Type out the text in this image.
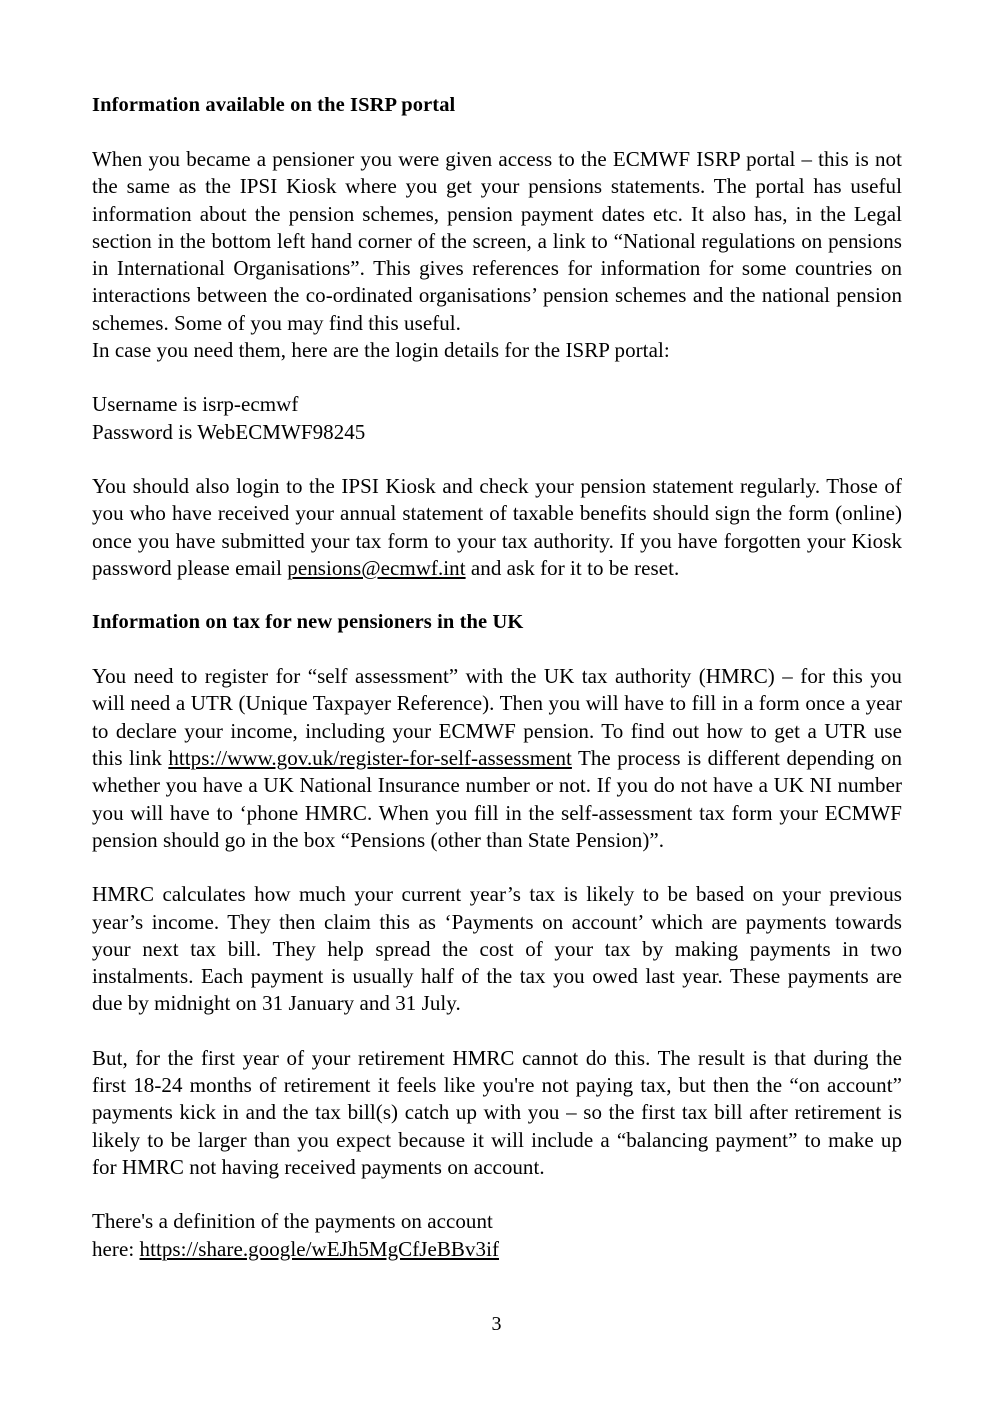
Information available on the ISRP portal

When you became a pensioner you were given access to the ECMWF ISRP portal – this is not the same as the IPSI Kiosk where you get your pensions statements. The portal has useful information about the pension schemes, pension payment dates etc. It also has, in the Legal section in the bottom left hand corner of the screen, a link to “National regulations on pensions in International Organisations”. This gives references for information for some countries on interactions between the co-ordinated organisations’ pension schemes and the national pension schemes. Some of you may find this useful.

In case you need them, here are the login details for the ISRP portal:

Username is isrp-ecmwf

Password is WebECMWF98245

You should also login to the IPSI Kiosk and check your pension statement regularly. Those of you who have received your annual statement of taxable benefits should sign the form (online) once you have submitted your tax form to your tax authority. If you have forgotten your Kiosk password please email pensions@ecmwf.int and ask for it to be reset.

Information on tax for new pensioners in the UK

You need to register for “self assessment” with the UK tax authority (HMRC) – for this you will need a UTR (Unique Taxpayer Reference). Then you will have to fill in a form once a year to declare your income, including your ECMWF pension. To find out how to get a UTR use this link https://www.gov.uk/register-for-self-assessment The process is different depending on whether you have a UK National Insurance number or not. If you do not have a UK NI number you will have to ‘phone HMRC. When you fill in the self-assessment tax form your ECMWF pension should go in the box “Pensions (other than State Pension)”.

HMRC calculates how much your current year’s tax is likely to be based on your previous year’s income. They then claim this as ‘Payments on account’ which are payments towards your next tax bill. They help spread the cost of your tax by making payments in two instalments. Each payment is usually half of the tax you owed last year. These payments are due by midnight on 31 January and 31 July.

But, for the first year of your retirement HMRC cannot do this. The result is that during the first 18-24 months of retirement it feels like you're not paying tax, but then the “on account” payments kick in and the tax bill(s) catch up with you – so the first tax bill after retirement is likely to be larger than you expect because it will include a “balancing payment” to make up for HMRC not having received payments on account.

There's a definition of the payments on account

here: https://share.google/wEJh5MgCfJeBBv3if

3
